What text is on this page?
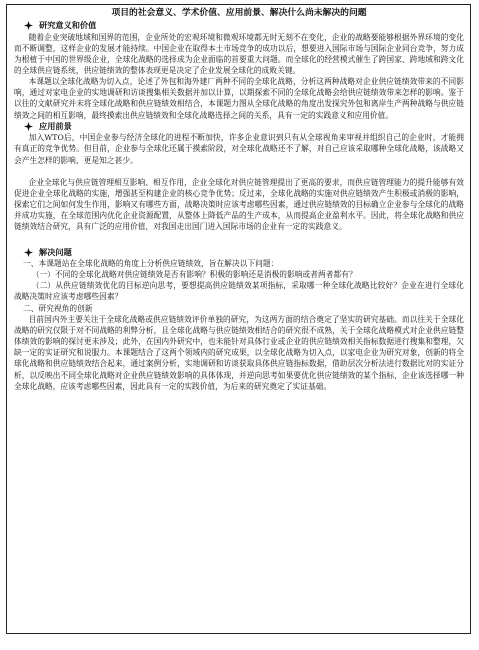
项目的社会意义、学术价值、应用前景、解决什么尚未解决的问题
研究意义和价值

随着企业突破地域和国界的范围，企业所处的宏观环境和微观环境都无时无刻不在变化，企业的战略要能够根据外界环境的变化而不断调整，这样企业的发展才能持续。中国企业在取得本土市场竞争的成功以后，想要进入国际市场与国际企业同台竞争，努力成为根植于中国的世界级企业，全球化战略的选择成为企业面临的首要重大问题。而全球化的经营模式催生了跨国家、跨地域和跨文化的全球供应链系统，供应链绩效的整体表现更是决定了企业发展全球化的成败关键。

本课题以全球化战略为切入点，论述了外包和海外建厂两种不同的全球化战略，分析这两种战略对企业供应链绩效带来的不同影响，通过对家电企业的实地调研和访谈搜集相关数据并加以计算，以期探索不同的全球化战略会给供应链绩效带来怎样的影响。鉴于以往的文献研究并未将全球化战略和供应链绩效相结合，本课题力图从全球化战略的角度出发探究外包和离岸生产两种战略与供应链绩效之间的相互影响，最终摸索出供应链绩效和全球化战略选择之间的关系，具有一定的实践意义和应用价值。

应用前景

加入WTO后，中国企业参与经济全球化的进程不断加快，许多企业意识到只有从全球视角来审视并组织自己的企业时，才能拥有真正的竞争优势。但目前，企业参与全球化还属于摸索阶段，对全球化战略还不了解，对自己应该采取哪种全球化战略，该战略又会产生怎样的影响，更是知之甚少。

企业全球化与供应链管理相互影响、相互作用，企业全球化对供应链管理提出了更高的要求，而供应链管理能力的提升能够有效促进企业全球化战略的实施，增强甚至构建企业的核心竞争优势；反过来，全球化战略的实施对供应链绩效产生积极或消极的影响，探索它们之间如何发生作用，影响又有哪些方面，战略决策时应该考虑哪些因素，通过供应链绩效的目标确立企业参与全球化的战略并成功实施，在全球范围内优化企业资源配置，从整体上降低产品的生产成本，从而提高企业盈利水平。因此，将全球化战略和供应链绩效结合研究，具有广泛的应用价值，对我国走出国门进入国际市场的企业有一定的实践意义。

解决问题

一、本课题站在全球化战略的角度上分析供应链绩效，旨在解决以下问题：

（一）不同的全球化战略对供应链绩效是否有影响？积极的影响还是消极的影响或者两者都有？

（二）从供应链绩效优化的目标逆向思考，要想提高供应链绩效某项指标，采取哪一种全球化战略比较好？企业在进行全球化战略决策时应该考虑哪些因素？

二、研究视角的创新

目前国内外主要关注于全球化战略或供应链绩效评价单独的研究，为这两方面的结合奠定了坚实的研究基础。而以往关于全球化战略的研究仅限于对不同战略的利弊分析，且全球化战略与供应链绩效相结合的研究很不成熟，关于全球化战略模式对企业供应链整体绩效的影响的探讨更未涉及；此外，在国内外研究中，也未能针对具体行业或企业的供应链绩效相关指标数据进行搜集和整理，欠缺一定的实证研究和说服力。本课题结合了这两个领域内的研究成果，以全球化战略为切入点，以家电企业为研究对象，创新的将全球化战略和供应链绩效结合起来，通过案例分析，实地调研和访谈获取具体供应链指标数据，借助层次分析法进行数据比对的实证分析，以反映出不同全球化战略对企业供应链绩效影响的具体体现，并逆向思考如果要优化供应链绩效的某个指标，企业该选择哪一种全球化战略，应该考虑哪些因素，因此具有一定的实践价值，为后来的研究奠定了实证基础。
